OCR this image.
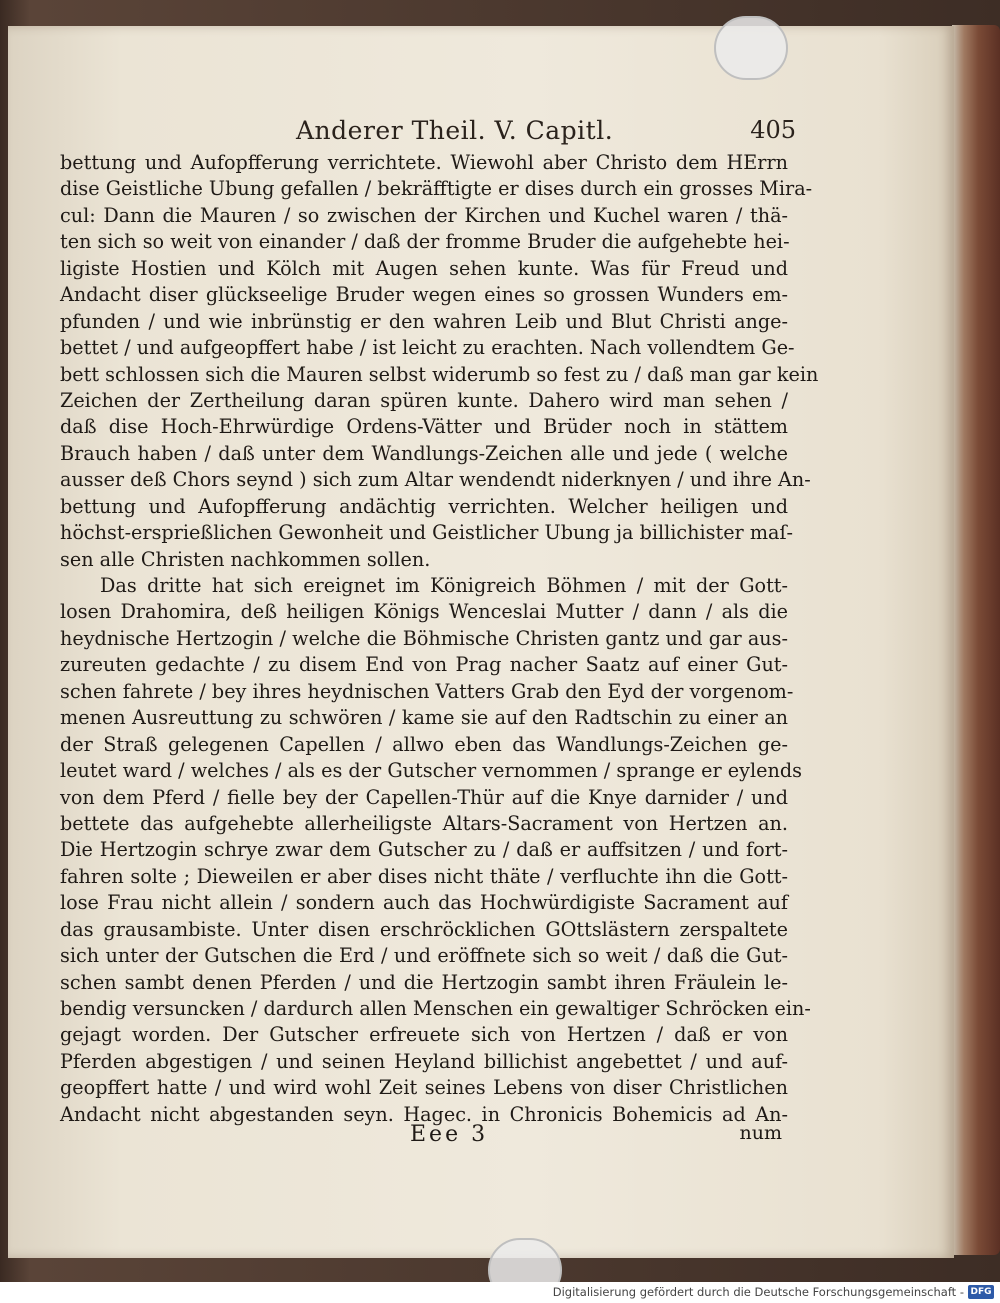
Anderer Theil. V. Capitl.	405
bettung und Aufopfferung verrichtete. Wiewohl aber Christo dem HErrn
dise Geistliche Ubung gefallen / bekräfftigte er dises durch ein grosses Mira-
cul: Dann die Mauren / so zwischen der Kirchen und Kuchel waren / thä-
ten sich so weit von einander / daß der fromme Bruder die aufgehebte hei-
ligiste Hostien und Kölch mit Augen sehen kunte. Was für Freud und
Andacht diser glückseelige Bruder wegen eines so grossen Wunders em-
pfunden / und wie inbrünstig er den wahren Leib und Blut Christi ange-
bettet / und aufgeopffert habe / ist leicht zu erachten. Nach vollendtem Ge-
bett schlossen sich die Mauren selbst widerumb so fest zu / daß man gar kein
Zeichen der Zertheilung daran spüren kunte. Dahero wird man sehen /
daß dise Hoch-Ehrwürdige Ordens-Vätter und Brüder noch in stättem
Brauch haben / daß unter dem Wandlungs-Zeichen alle und jede ( welche
ausser deß Chors seynd ) sich zum Altar wendendt niderknyen / und ihre An-
bettung und Aufopfferung andächtig verrichten. Welcher heiligen und
höchst-ersprießlichen Gewonheit und Geistlicher Ubung ja billichister maſ-
sen alle Christen nachkommen sollen.
Das dritte hat sich ereignet im Königreich Böhmen / mit der Gott-
losen Drahomira, deß heiligen Königs Wenceslai Mutter / dann / als die
heydnische Hertzogin / welche die Böhmische Christen gantz und gar aus-
zureuten gedachte / zu disem End von Prag nacher Saatz auf einer Gut-
schen fahrete / bey ihres heydnischen Vatters Grab den Eyd der vorgenom-
menen Ausreuttung zu schwören / kame sie auf den Radtschin zu einer an
der Straß gelegenen Capellen / allwo eben das Wandlungs-Zeichen ge-
leutet ward / welches / als es der Gutscher vernommen / sprange er eylends
von dem Pferd / fielle bey der Capellen-Thür auf die Knye darnider / und
bettete das aufgehebte allerheiligste Altars-Sacrament von Hertzen an.
Die Hertzogin schrye zwar dem Gutscher zu / daß er auffsitzen / und fort-
fahren solte ; Dieweilen er aber dises nicht thäte / verfluchte ihn die Gott-
lose Frau nicht allein / sondern auch das Hochwürdigiste Sacrament auf
das grausambiste. Unter disen erschröcklichen GOttslästern zerspaltete
sich unter der Gutschen die Erd / und eröffnete sich so weit / daß die Gut-
schen sambt denen Pferden / und die Hertzogin sambt ihren Fräulein le-
bendig versuncken / dardurch allen Menschen ein gewaltiger Schröcken ein-
gejagt worden. Der Gutscher erfreuete sich von Hertzen / daß er von
Pferden abgestigen / und seinen Heyland billichist angebettet / und auf-
geopffert hatte / und wird wohl Zeit seines Lebens von diser Christlichen
Andacht nicht abgestanden seyn. Hagec. in Chronicis Bohemicis ad An-
Eee 3	num
Digitalisierung gefördert durch die Deutsche Forschungsgemeinschaft - DFG
